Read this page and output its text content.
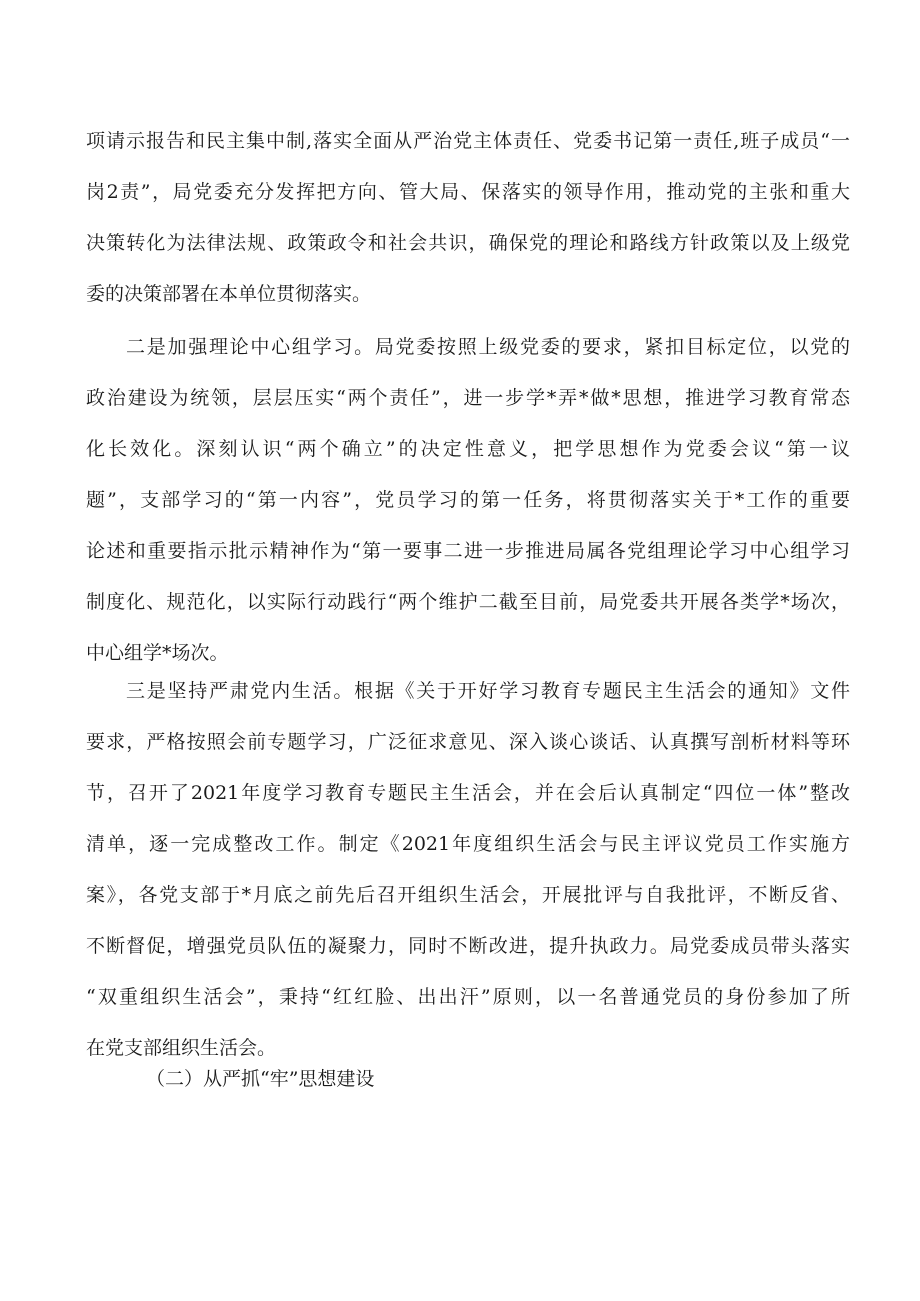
项请示报告和民主集中制,落实全面从严治党主体责任、党委书记第一责任,班子成员“一
岗2责”，局党委充分发挥把方向、管大局、保落实的领导作用，推动党的主张和重大
决策转化为法律法规、政策政令和社会共识，确保党的理论和路线方针政策以及上级党
委的决策部署在本单位贯彻落实。
二是加强理论中心组学习。局党委按照上级党委的要求，紧扣目标定位，以党的
政治建设为统领，层层压实“两个责任”，进一步学*弄*做*思想，推进学习教育常态
化长效化。深刻认识“两个确立”的决定性意义，把学思想作为党委会议“第一议
题”，支部学习的“第一内容”，党员学习的第一任务，将贯彻落实关于*工作的重要
论述和重要指示批示精神作为“第一要事二进一步推进局属各党组理论学习中心组学习
制度化、规范化，以实际行动践行“两个维护二截至目前，局党委共开展各类学*场次，
中心组学*场次。
三是坚持严肃党内生活。根据《关于开好学习教育专题民主生活会的通知》文件
要求，严格按照会前专题学习，广泛征求意见、深入谈心谈话、认真撰写剖析材料等环
节，召开了2021年度学习教育专题民主生活会，并在会后认真制定“四位一体”整改
清单，逐一完成整改工作。制定《2021年度组织生活会与民主评议党员工作实施方
案》，各党支部于*月底之前先后召开组织生活会，开展批评与自我批评，不断反省、
不断督促，增强党员队伍的凝聚力，同时不断改进，提升执政力。局党委成员带头落实
“双重组织生活会”，秉持“红红脸、出出汗”原则，以一名普通党员的身份参加了所
在党支部组织生活会。
（二）从严抓“牢”思想建设
